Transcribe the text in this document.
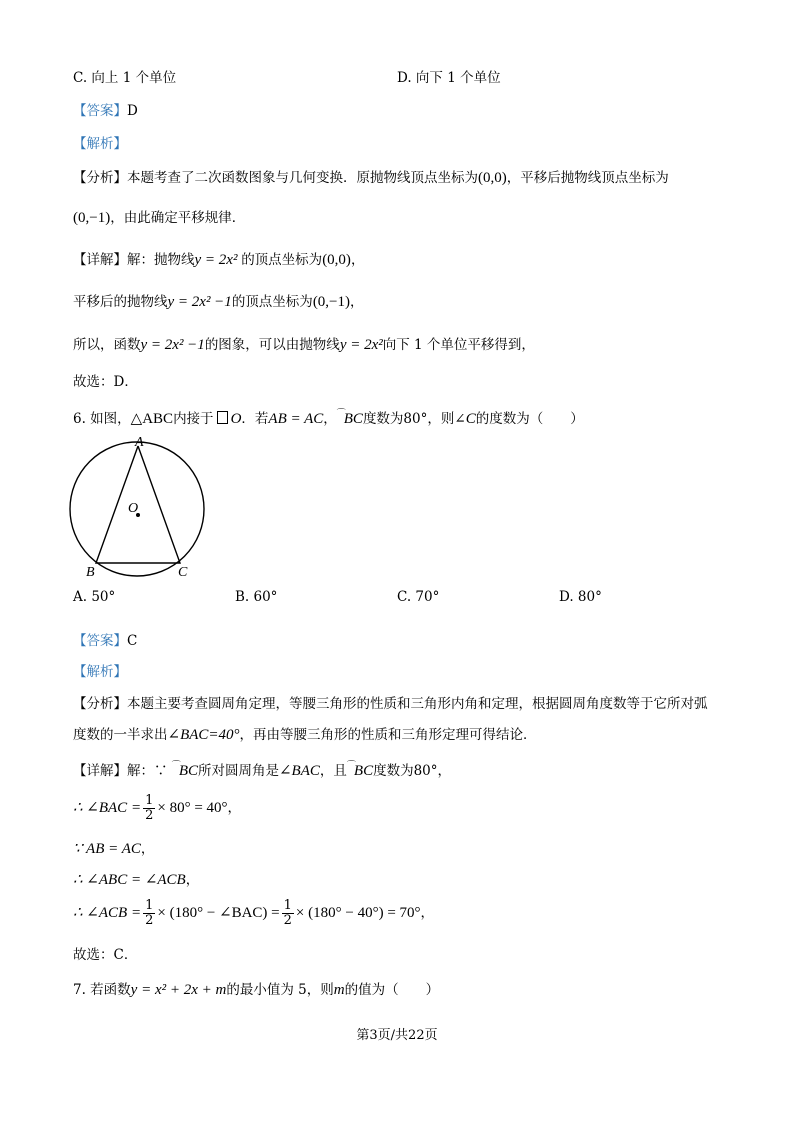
C. 向上 1 个单位	D. 向下 1 个单位
【答案】D
【解析】
【分析】本题考查了二次函数图象与几何变换．原抛物线顶点坐标为(0,0)，平移后抛物线顶点坐标为
(0,−1)，由此确定平移规律．
【详解】解：抛物线y = 2x² 的顶点坐标为(0,0)，
平移后的抛物线y = 2x² −1的顶点坐标为(0,−1)，
所以，函数y = 2x² −1的图象，可以由抛物线y = 2x²向下 1 个单位平移得到，
故选：D．
6. 如图，△ABC内接于 O．若AB = AC，⌒BC度数为80°，则∠C的度数为（　　）
A
O
B	C
A. 50°	B. 60°	C. 70°	D. 80°
【答案】C
【解析】
【分析】本题主要考查圆周角定理，等腰三角形的性质和三角形内角和定理，根据圆周角度数等于它所对弧
度数的一半求出∠BAC=40°，再由等腰三角形的性质和三角形定理可得结论．
【详解】解：∵ ⌒BC所对圆周角是∠BAC，且⌒BC度数为80°，
∴ ∠BAC = $\frac{1}{2} \times 80^\circ = 40^\circ$，
∵ AB = AC，
∴ ∠ABC = ∠ACB，
∴ ∠ACB = $\frac{1}{2} \times (180^\circ$ − ∠BAC) = $\frac{1}{2} \times (180^\circ - 40^\circ) = 70^\circ$，
故选：C．
7. 若函数y = x² + 2x + m的最小值为 5，则m的值为（　　）
第3页/共22页
